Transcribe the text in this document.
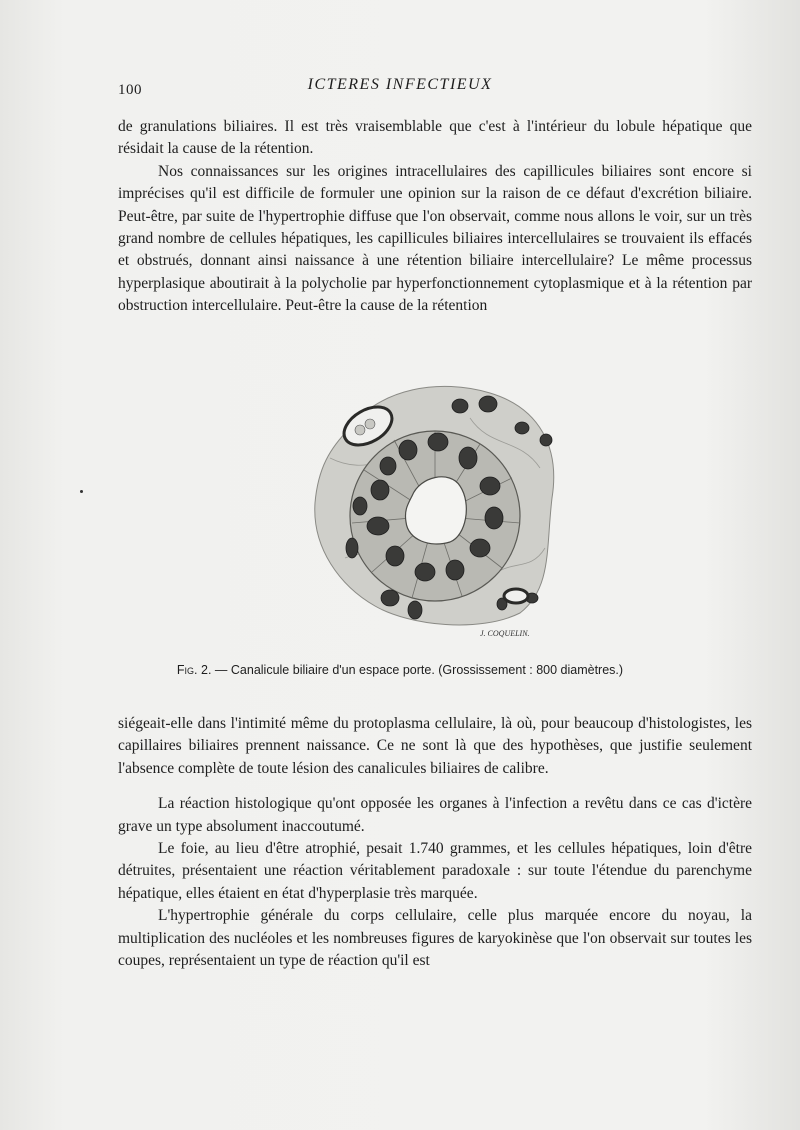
100	ICTERES INFECTIEUX

de granulations biliaires. Il est très vraisemblable que c'est à l'intérieur du lobule hépatique que résidait la cause de la rétention.

Nos connaissances sur les origines intracellulaires des capillicules biliaires sont encore si imprécises qu'il est difficile de formuler une opinion sur la raison de ce défaut d'excrétion biliaire. Peut-être, par suite de l'hypertrophie diffuse que l'on observait, comme nous allons le voir, sur un très grand nombre de cellules hépatiques, les capillicules biliaires intercellulaires se trouvaient ils effacés et obstrués, donnant ainsi naissance à une rétention biliaire intercellulaire? Le même processus hyperplasique aboutirait à la polycholie par hyperfonctionnement cytoplasmique et à la rétention par obstruction intercellulaire. Peut-être la cause de la rétention

J. COQUELIN.
Fig. 2. — Canalicule biliaire d'un espace porte. (Grossissement : 800 diamètres.)

siégeait-elle dans l'intimité même du protoplasma cellulaire, là où, pour beaucoup d'histologistes, les capillaires biliaires prennent naissance. Ce ne sont là que des hypothèses, que justifie seulement l'absence complète de toute lésion des canalicules biliaires de calibre.

La réaction histologique qu'ont opposée les organes à l'infection a revêtu dans ce cas d'ictère grave un type absolument inaccoutumé.

Le foie, au lieu d'être atrophié, pesait 1.740 grammes, et les cellules hépatiques, loin d'être détruites, présentaient une réaction véritablement paradoxale : sur toute l'étendue du parenchyme hépatique, elles étaient en état d'hyperplasie très marquée.

L'hypertrophie générale du corps cellulaire, celle plus marquée encore du noyau, la multiplication des nucléoles et les nombreuses figures de karyokinèse que l'on observait sur toutes les coupes, représentaient un type de réaction qu'il est
